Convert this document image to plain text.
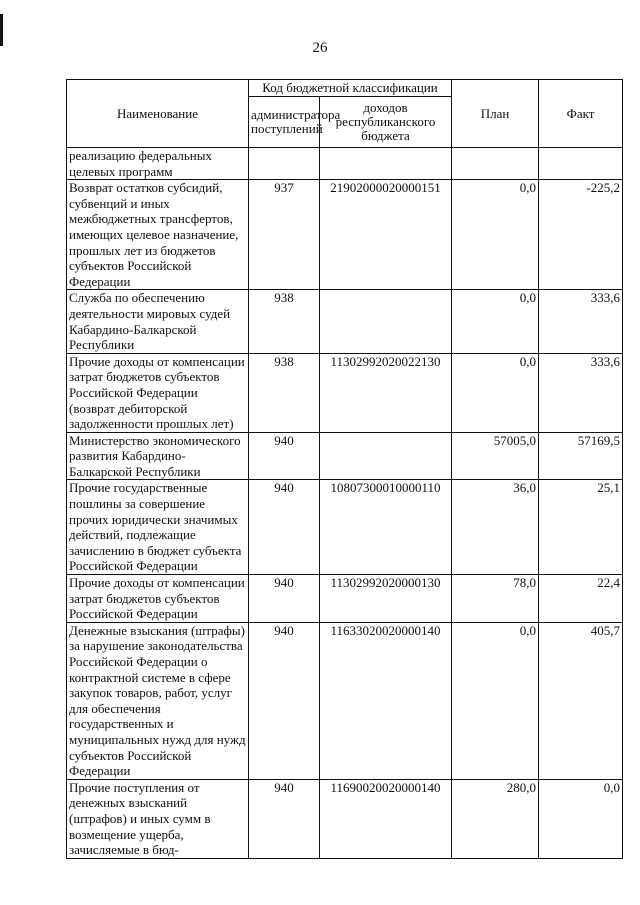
26
Наименование	Код бюджетной классификации		План	Факт
	администратора поступлений	доходов республиканского бюджета		
реализацию федеральных целевых программ				
Возврат остатков субсидий, субвенций и иных межбюджетных трансфертов, имеющих целевое назначение, прошлых лет из бюджетов субъектов Российской Федерации	937	21902000020000151	0,0	-225,2
Служба по обеспечению деятельности мировых судей Кабардино-Балкарской Республики	938		0,0	333,6
Прочие доходы от компенсации затрат бюджетов субъектов Российской Федерации (возврат дебиторской задолженности прошлых лет)	938	11302992020022130	0,0	333,6
Министерство экономического развития Кабардино-Балкарской Республики	940		57005,0	57169,5
Прочие государственные пошлины за совершение прочих юридически значимых действий, подлежащие зачислению в бюджет субъекта Российской Федерации	940	10807300010000110	36,0	25,1
Прочие доходы от компенсации затрат бюджетов субъектов Российской Федерации	940	11302992020000130	78,0	22,4
Денежные взыскания (штрафы) за нарушение законодательства Российской Федерации о контрактной системе в сфере закупок товаров, работ, услуг для обеспечения государственных и муниципальных нужд для нужд субъектов Российской Федерации	940	11633020020000140	0,0	405,7
Прочие поступления от денежных взысканий (штрафов) и иных сумм в возмещение ущерба, зачисляемые в бюд-	940	11690020020000140	280,0	0,0
